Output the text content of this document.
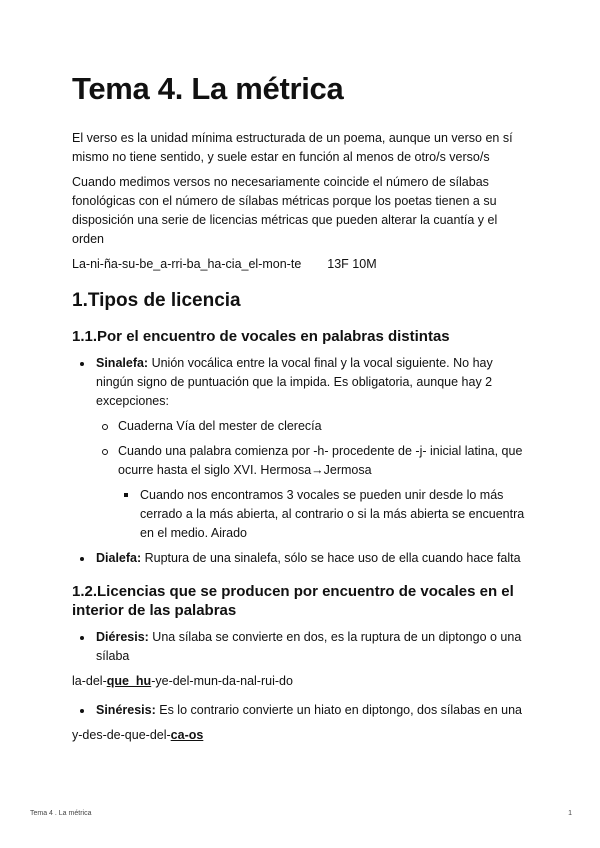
Tema 4. La métrica

El verso es la unidad mínima estructurada de un poema, aunque un verso en sí mismo no tiene sentido, y suele estar en función al menos de otro/s verso/s

Cuando medimos versos no necesariamente coincide el número de sílabas fonológicas con el número de sílabas métricas porque los poetas tienen a su disposición una serie de licencias métricas que pueden alterar la cuantía y el orden

La-ni-ña-su-be_a-rri-ba_ha-cia_el-mon-te 13F 10M
1.Tipos de licencia
1.1.Por el encuentro de vocales en palabras distintas
Sinalefa: Unión vocálica entre la vocal final y la vocal siguiente. No hay ningún signo de puntuación que la impida. Es obligatoria, aunque hay 2 excepciones:
Cuaderna Vía del mester de clerecía
Cuando una palabra comienza por -h- procedente de -j- inicial latina, que ocurre hasta el siglo XVI. Hermosa→Jermosa
Cuando nos encontramos 3 vocales se pueden unir desde lo más cerrado a la más abierta, al contrario o si la más abierta se encuentra en el medio. Airado
Dialefa: Ruptura de una sinalefa, sólo se hace uso de ella cuando hace falta
1.2.Licencias que se producen por encuentro de vocales en el interior de las palabras
Diéresis: Una sílaba se convierte en dos, es la ruptura de un diptongo o una sílaba
la-del-que_hu-ye-del-mun-da-nal-rui-do
Sinéresis: Es lo contrario convierte un hiato en diptongo, dos sílabas en una
y-des-de-que-del-ca-os
Tema 4 . La métrica	1
